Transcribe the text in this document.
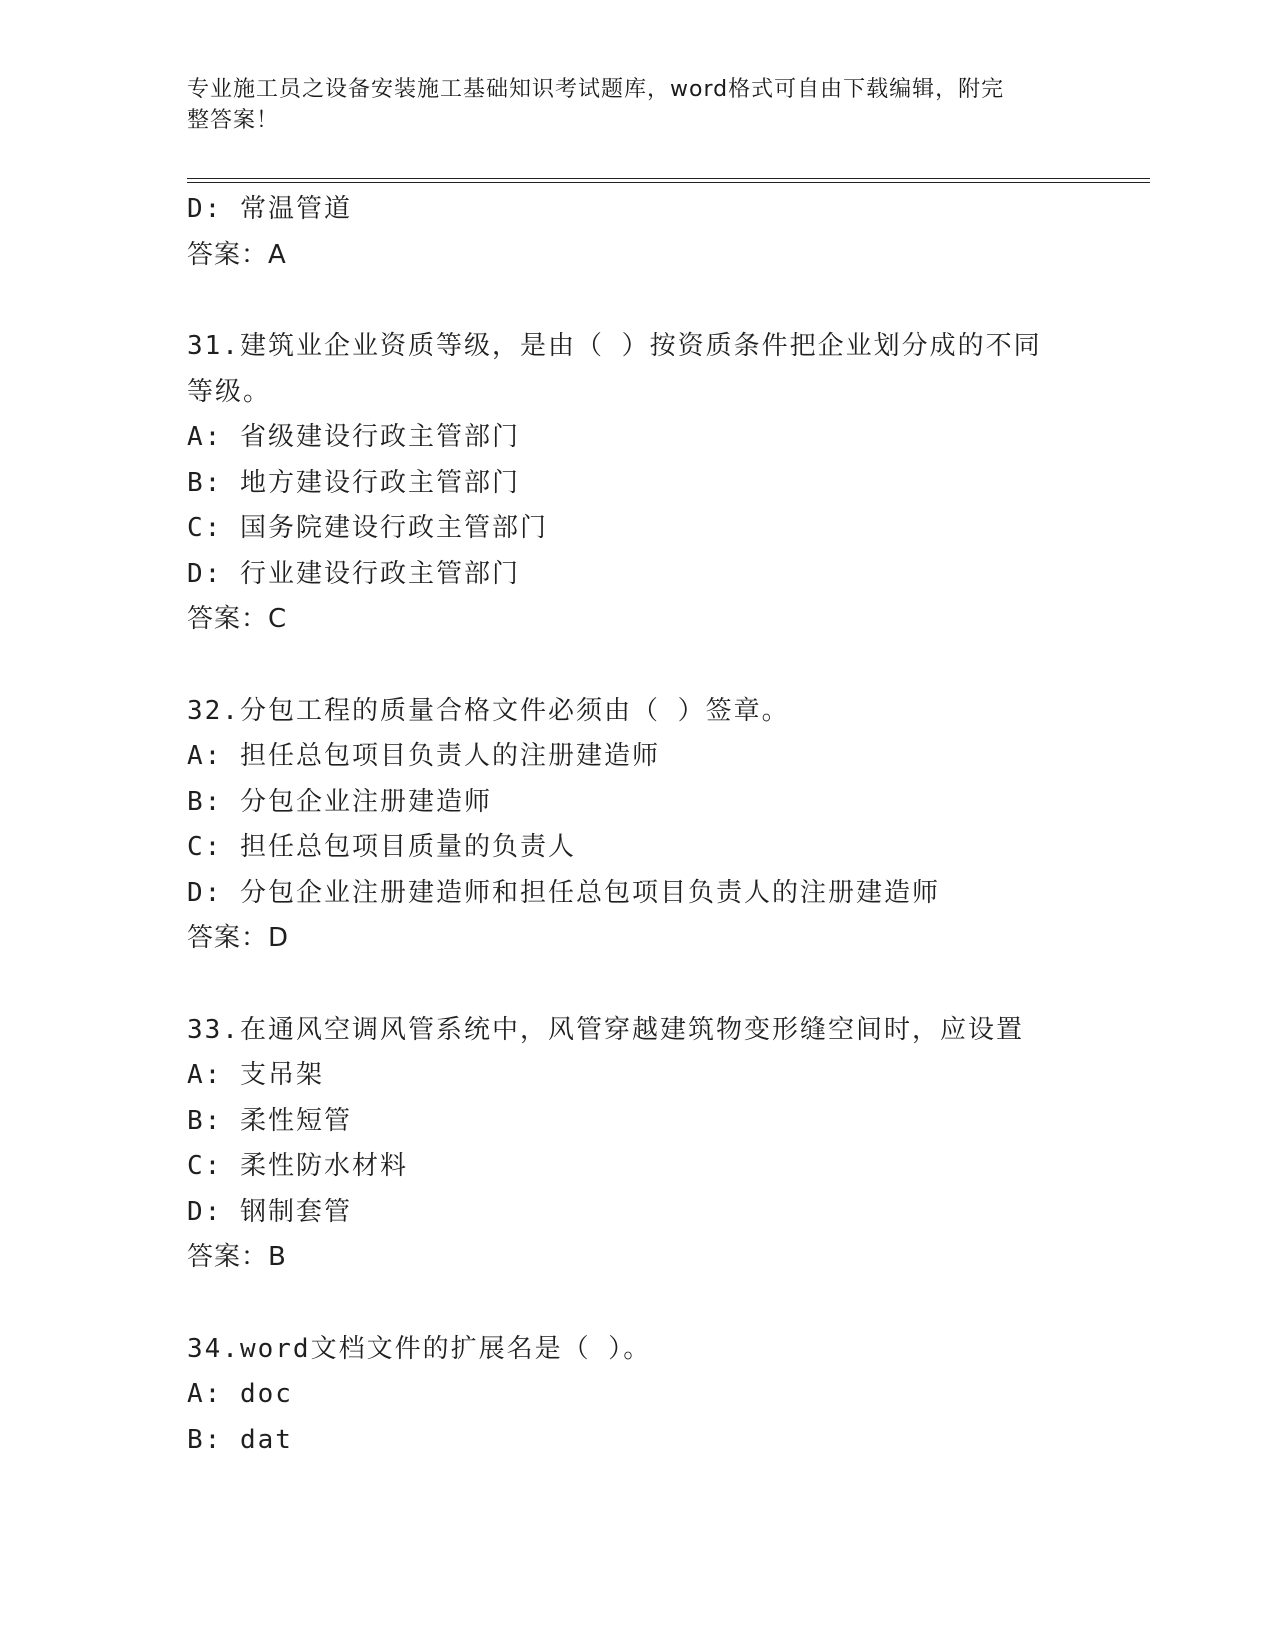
专业施工员之设备安装施工基础知识考试题库，word格式可自由下载编辑，附完
整答案！
D: 常温管道
答案：A
31.建筑业企业资质等级，是由（ ）按资质条件把企业划分成的不同
等级。
A: 省级建设行政主管部门
B: 地方建设行政主管部门
C: 国务院建设行政主管部门
D: 行业建设行政主管部门
答案：C
32.分包工程的质量合格文件必须由（ ）签章。
A: 担任总包项目负责人的注册建造师
B: 分包企业注册建造师
C: 担任总包项目质量的负责人
D: 分包企业注册建造师和担任总包项目负责人的注册建造师
答案：D
33.在通风空调风管系统中，风管穿越建筑物变形缝空间时，应设置
A: 支吊架
B: 柔性短管
C: 柔性防水材料
D: 钢制套管
答案：B
34.word文档文件的扩展名是（ ）。
A: doc
B: dat
